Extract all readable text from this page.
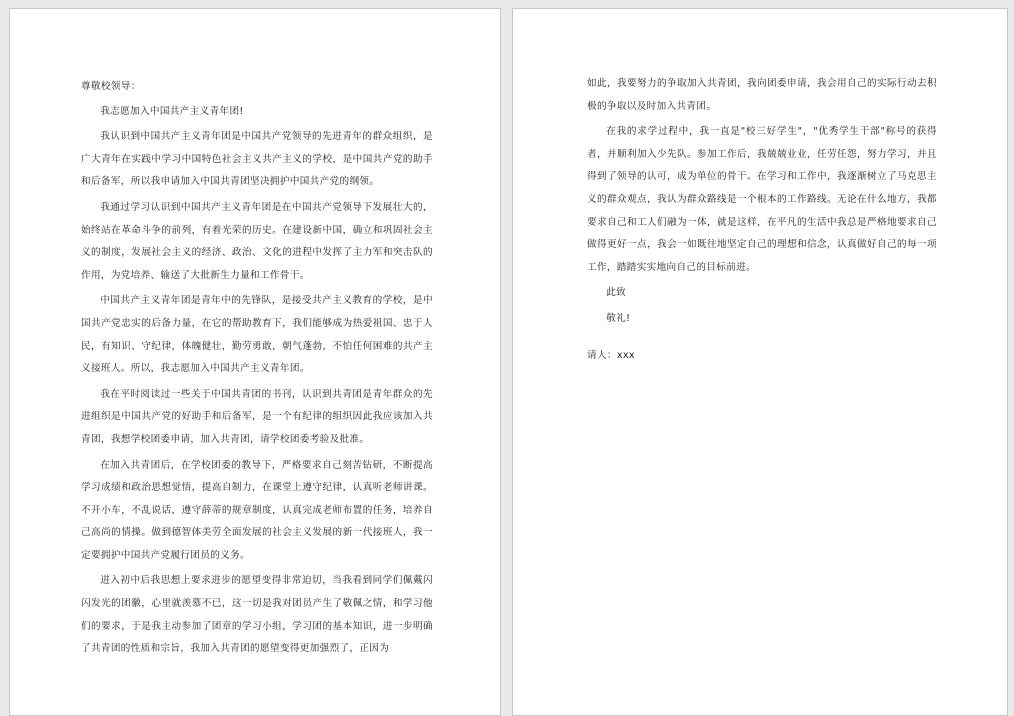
尊敬校领导：

我志愿加入中国共产主义青年团!

我认识到中国共产主义青年团是中国共产党领导的先进青年的群众组织，是广大青年在实践中学习中国特色社会主义共产主义的学校，是中国共产党的助手和后备军，所以我申请加入中国共青团坚决拥护中国共产党的纲领。

我通过学习认识到中国共产主义青年团是在中国共产党领导下发展壮大的，始终站在革命斗争的前列，有着光荣的历史。在建设新中国，确立和巩固社会主义的制度，发展社会主义的经济、政治、文化的进程中发挥了主力军和突击队的作用，为党培养、输送了大批新生力量和工作骨干。

中国共产主义青年团是青年中的先锋队，是接受共产主义教育的学校，是中国共产党忠实的后备力量，在它的帮助教育下，我们能够成为热爱祖国、忠于人民，有知识、守纪律，体魄健壮，勤劳勇敢，朝气蓬勃，不怕任何困难的共产主义接班人。所以，我志愿加入中国共产主义青年团。

我在平时阅读过一些关于中国共青团的书刊，认识到共青团是青年群众的先进组织是中国共产党的好助手和后备军，是一个有纪律的组织因此我应该加入共青团，我想学校团委申请，加入共青团，请学校团委考验及批准。

在加入共青团后，在学校团委的教导下，严格要求自己刻苦钻研，不断提高学习成绩和政治思想觉悟，提高自制力，在课堂上遵守纪律，认真听老师讲课。不开小车，不乱说话，遵守薛蒂的规章制度，认真完成老师布置的任务，培养自己高尚的情操。做到德智体美劳全面发展的社会主义发展的新一代接班人，我一定要拥护中国共产党履行团员的义务。

进入初中后我思想上要求进步的愿望变得非常迫切，当我看到同学们佩戴闪闪发光的团徽，心里就羡慕不已，这一切是我对团员产生了敬佩之情，和学习他们的要求，于是我主动参加了团章的学习小组，学习团的基本知识，进一步明确了共青团的性质和宗旨，我加入共青团的愿望变得更加强烈了，正因为

如此，我要努力的争取加入共青团，我向团委申请，我会用自己的实际行动去积极的争取以及时加入共青团。

在我的求学过程中，我一直是"校三好学生"，"优秀学生干部"称号的获得者，并顺利加入少先队。参加工作后，我兢兢业业，任劳任怨，努力学习，并且得到了领导的认可，成为单位的骨干。在学习和工作中，我逐渐树立了马克思主义的群众观点，我认为群众路线是一个根本的工作路线。无论在什么地方，我都要求自己和工人们融为一体，就是这样，在平凡的生活中我总是严格地要求自己做得更好一点，我会一如既往地坚定自己的理想和信念，认真做好自己的每一项工作，踏踏实实地向自己的目标前进。

此致

敬礼!

请人：xxx
